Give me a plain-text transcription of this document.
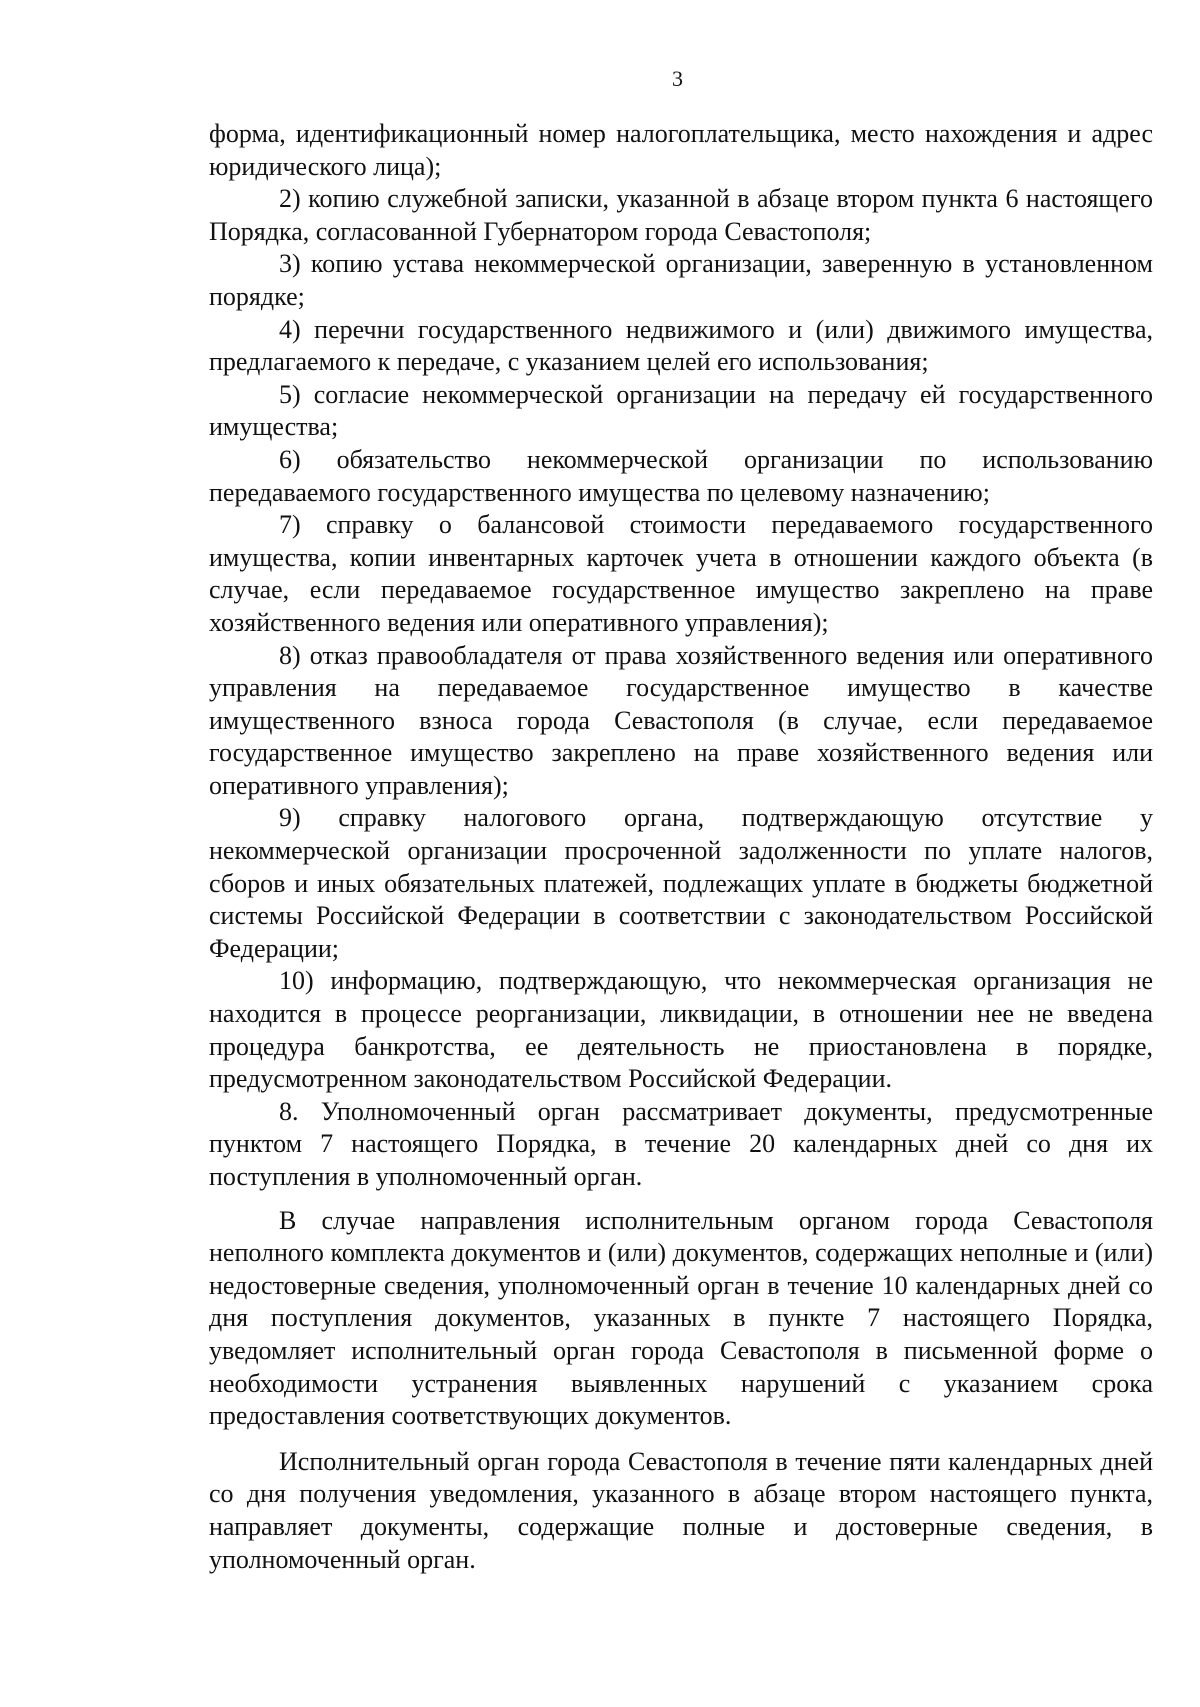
3

форма, идентификационный номер налогоплательщика, место нахождения и адрес юридического лица);

2) копию служебной записки, указанной в абзаце втором пункта 6 настоящего Порядка, согласованной Губернатором города Севастополя;

3) копию устава некоммерческой организации, заверенную в установленном порядке;

4) перечни государственного недвижимого и (или) движимого имущества, предлагаемого к передаче, с указанием целей его использования;

5) согласие некоммерческой организации на передачу ей государственного имущества;

6) обязательство некоммерческой организации по использованию передаваемого государственного имущества по целевому назначению;

7) справку о балансовой стоимости передаваемого государственного имущества, копии инвентарных карточек учета в отношении каждого объекта (в случае, если передаваемое государственное имущество закреплено на праве хозяйственного ведения или оперативного управления);

8) отказ правообладателя от права хозяйственного ведения или оперативного управления на передаваемое государственное имущество в качестве имущественного взноса города Севастополя (в случае, если передаваемое государственное имущество закреплено на праве хозяйственного ведения или оперативного управления);

9) справку налогового органа, подтверждающую отсутствие у некоммерческой организации просроченной задолженности по уплате налогов, сборов и иных обязательных платежей, подлежащих уплате в бюджеты бюджетной системы Российской Федерации в соответствии с законодательством Российской Федерации;

10) информацию, подтверждающую, что некоммерческая организация не находится в процессе реорганизации, ликвидации, в отношении нее не введена процедура банкротства, ее деятельность не приостановлена в порядке, предусмотренном законодательством Российской Федерации.

8. Уполномоченный орган рассматривает документы, предусмотренные пунктом 7 настоящего Порядка, в течение 20 календарных дней со дня их поступления в уполномоченный орган.

В случае направления исполнительным органом города Севастополя неполного комплекта документов и (или) документов, содержащих неполные и (или) недостоверные сведения, уполномоченный орган в течение 10 календарных дней со дня поступления документов, указанных в пункте 7 настоящего Порядка, уведомляет исполнительный орган города Севастополя в письменной форме о необходимости устранения выявленных нарушений с указанием срока предоставления соответствующих документов.

Исполнительный орган города Севастополя в течение пяти календарных дней со дня получения уведомления, указанного в абзаце втором настоящего пункта, направляет документы, содержащие полные и достоверные сведения, в уполномоченный орган.
